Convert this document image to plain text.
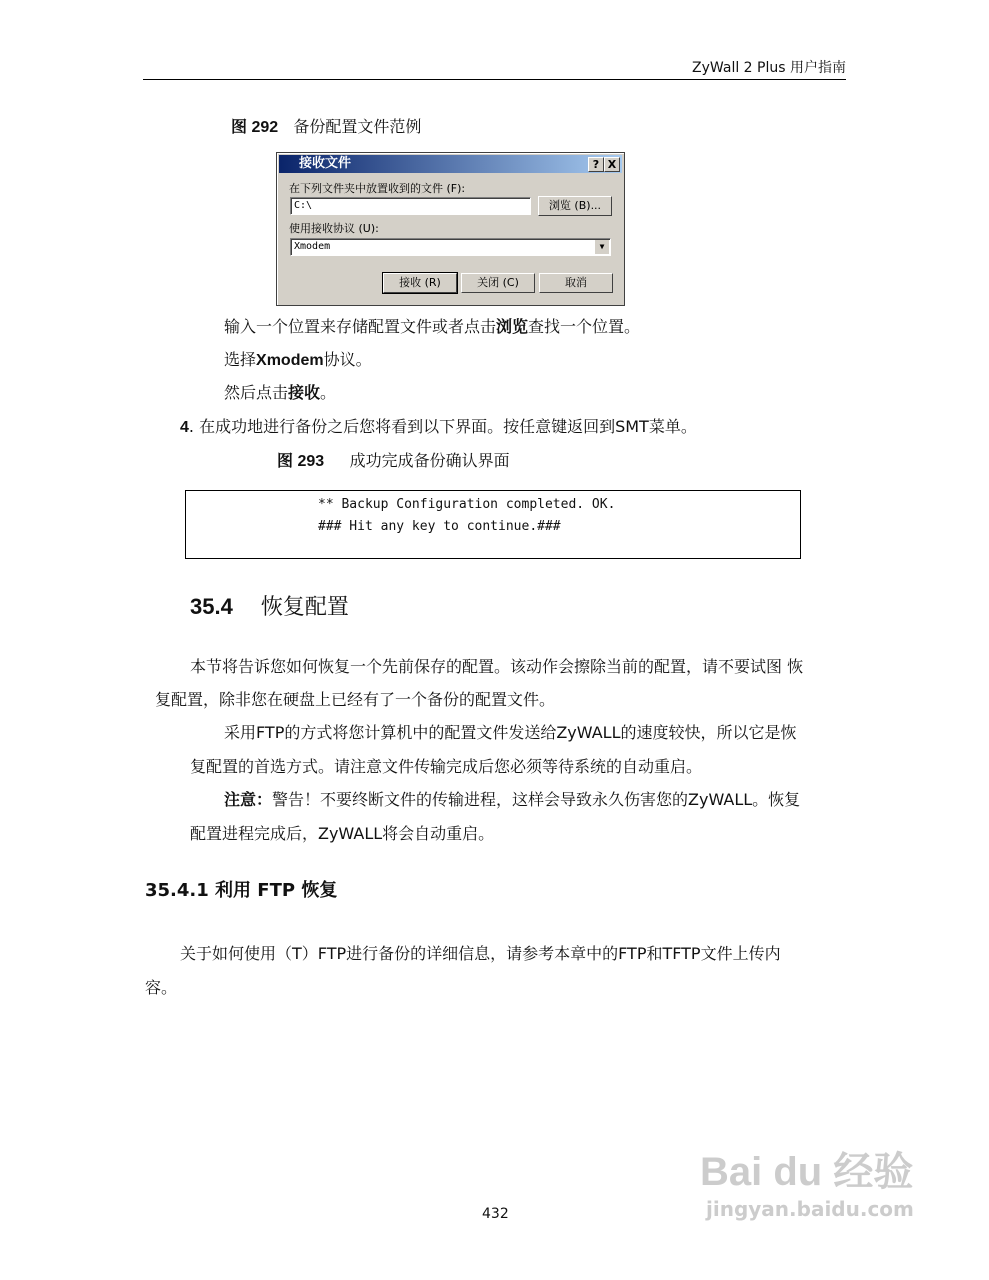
ZyWall 2 Plus 用户指南
图 292 备份配置文件范例
接收文件	? X
在下列文件夹中放置收到的文件 (F):
C:\	浏览 (B)...
使用接收协议 (U):
Xmodem	▼
接收 (R)	关闭 (C)	取消
输入一个位置来存储配置文件或者点击浏览查找一个位置。
选择Xmodem协议。
然后点击接收。
4. 在成功地进行备份之后您将看到以下界面。按任意键返回到SMT菜单。
图 293 成功完成备份确认界面
** Backup Configuration completed. OK.
### Hit any key to continue.###
35.4 恢复配置
本节将告诉您如何恢复一个先前保存的配置。该动作会擦除当前的配置，请不要试图 恢
复配置，除非您在硬盘上已经有了一个备份的配置文件。
采用FTP的方式将您计算机中的配置文件发送给ZyWALL的速度较快，所以它是恢
复配置的首选方式。请注意文件传输完成后您必须等待系统的自动重启。
注意：警告！不要终断文件的传输进程，这样会导致永久伤害您的ZyWALL。恢复
配置进程完成后，ZyWALL将会自动重启。
35.4.1 利用 FTP 恢复
关于如何使用（T）FTP进行备份的详细信息，请参考本章中的FTP和TFTP文件上传内
容。
432
Bai du 经验
jingyan.baidu.com
